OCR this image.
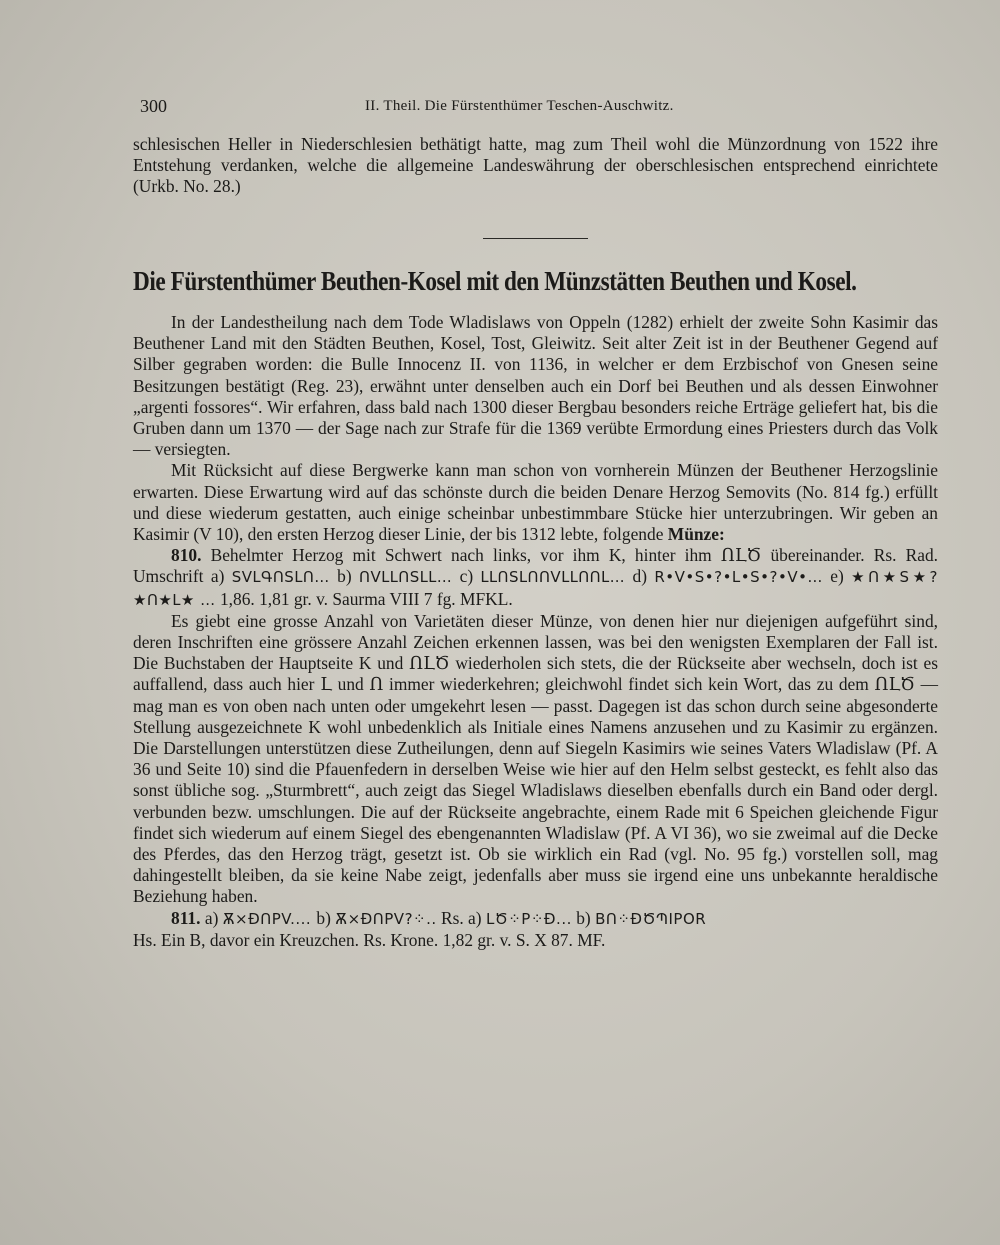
300	II. Theil. Die Fürstenthümer Teschen-Auschwitz.
schlesischen Heller in Niederschlesien bethätigt hatte, mag zum Theil wohl die Münzordnung von 1522 ihre Entstehung verdanken, welche die allgemeine Landeswährung der oberschlesischen entsprechend einrichtete (Urkb. No. 28.)
Die Fürstenthümer Beuthen-Kosel mit den Münzstätten Beuthen und Kosel.

In der Landestheilung nach dem Tode Wladislaws von Oppeln (1282) erhielt der zweite Sohn Kasimir das Beuthener Land mit den Städten Beuthen, Kosel, Tost, Gleiwitz. Seit alter Zeit ist in der Beuthener Gegend auf Silber gegraben worden: die Bulle Innocenz II. von 1136, in welcher er dem Erzbischof von Gnesen seine Besitzungen bestätigt (Reg. 23), erwähnt unter denselben auch ein Dorf bei Beuthen und als dessen Einwohner „argenti fossores“. Wir erfahren, dass bald nach 1300 dieser Bergbau besonders reiche Erträge geliefert hat, bis die Gruben dann um 1370 — der Sage nach zur Strafe für die 1369 verübte Ermordung eines Priesters durch das Volk — versiegten.

Mit Rücksicht auf diese Bergwerke kann man schon von vornherein Münzen der Beuthener Herzogslinie erwarten. Diese Erwartung wird auf das schönste durch die beiden Denare Herzog Semovits (No. 814 fg.) erfüllt und diese wiederum gestatten, auch einige scheinbar unbestimmbare Stücke hier unterzubringen. Wir geben an Kasimir (V 10), den ersten Herzog dieser Linie, der bis 1312 lebte, folgende Münze:

810. Behelmter Herzog mit Schwert nach links, vor ihm K, hinter ihm ՈԼԾ übereinander. Rs. Rad. Umschrift a) SVԼԳՈSԼՈ… b) ՈVԼԼՈSԼԼ… c) ԼԼՈSԼՈՈVԼԼՈՈԼ… d) R•V•S•?•L•S•?•V•… e) ★Ո★S★?★Ո★Լ★ … 1,86. 1,81 gr. v. Saurma VIII 7 fg. MFKL.

Es giebt eine grosse Anzahl von Varietäten dieser Münze, von denen hier nur diejenigen aufgeführt sind, deren Inschriften eine grössere Anzahl Zeichen erkennen lassen, was bei den wenigsten Exemplaren der Fall ist. Die Buchstaben der Hauptseite K und ՈԼԾ wiederholen sich stets, die der Rückseite aber wechseln, doch ist es auffallend, dass auch hier Լ und Ո immer wiederkehren; gleichwohl findet sich kein Wort, das zu dem ՈԼԾ — mag man es von oben nach unten oder umgekehrt lesen — passt. Dagegen ist das schon durch seine abgesonderte Stellung ausgezeichnete K wohl unbedenklich als Initiale eines Namens anzusehen und zu Kasimir zu ergänzen. Die Darstellungen unterstützen diese Zutheilungen, denn auf Siegeln Kasimirs wie seines Vaters Wladislaw (Pf. A 36 und Seite 10) sind die Pfauenfedern in derselben Weise wie hier auf den Helm selbst gesteckt, es fehlt also das sonst übliche sog. „Sturmbrett“, auch zeigt das Siegel Wladislaws dieselben ebenfalls durch ein Band oder dergl. verbunden bezw. umschlungen. Die auf der Rückseite angebrachte, einem Rade mit 6 Speichen gleichende Figur findet sich wiederum auf einem Siegel des ebengenannten Wladislaw (Pf. A VI 36), wo sie zweimal auf die Decke des Pferdes, das den Herzog trägt, gesetzt ist. Ob sie wirklich ein Rad (vgl. No. 95 fg.) vorstellen soll, mag dahingestellt bleiben, da sie keine Nabe zeigt, jedenfalls aber muss sie irgend eine uns unbekannte heraldische Beziehung haben.

811. a) Ѫ×ÐՈPV.... b) Ѫ×ÐՈPV?⁘.. Rs. a) LԾ⁘P⁘Ð... b) BՈ⁘ÐԾՊIPOR
Hs. Ein B, davor ein Kreuzchen. Rs. Krone. 1,82 gr. v. S. X 87. MF.
